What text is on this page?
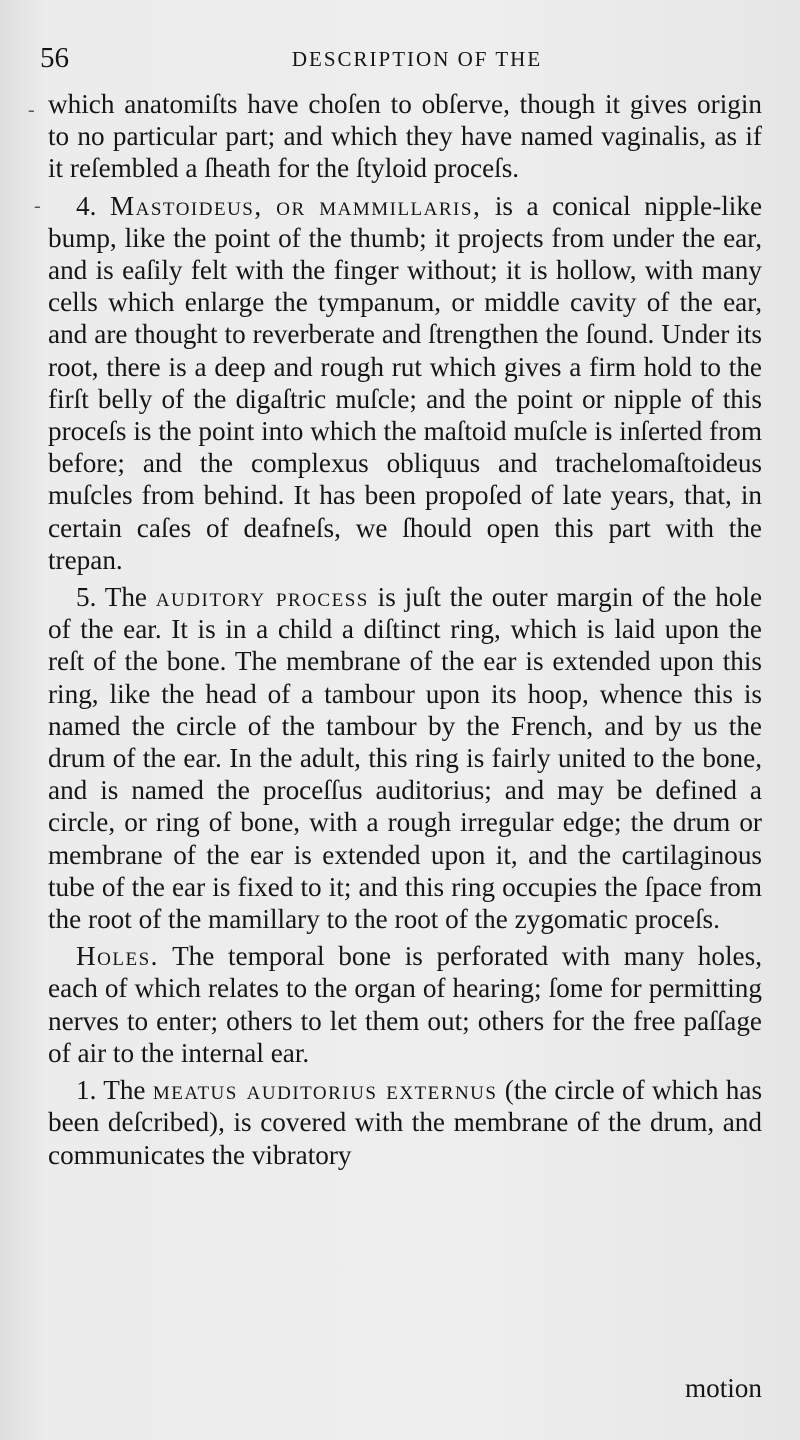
56	DESCRIPTION OF THE
-
-

which anatomiſts have choſen to obſerve, though it gives origin to no particular part; and which they have named vaginalis, as if it reſembled a ſheath for the ſtyloid proceſs.

4. Mastoideus, or mammillaris, is a conical nipple-like bump, like the point of the thumb; it projects from under the ear, and is eaſily felt with the finger without; it is hollow, with many cells which enlarge the tympanum, or middle cavity of the ear, and are thought to reverberate and ſtrengthen the ſound. Under its root, there is a deep and rough rut which gives a firm hold to the firſt belly of the digaſtric muſcle; and the point or nipple of this proceſs is the point into which the maſtoid muſcle is inſerted from before; and the complexus obliquus and trachelomaſtoideus muſcles from behind. It has been propoſed of late years, that, in certain caſes of deafneſs, we ſhould open this part with the trepan.

5. The auditory process is juſt the outer margin of the hole of the ear. It is in a child a diſtinct ring, which is laid upon the reſt of the bone. The membrane of the ear is extended upon this ring, like the head of a tambour upon its hoop, whence this is named the circle of the tambour by the French, and by us the drum of the ear. In the adult, this ring is fairly united to the bone, and is named the proceſſus auditorius; and may be defined a circle, or ring of bone, with a rough irregular edge; the drum or membrane of the ear is extended upon it, and the cartilaginous tube of the ear is fixed to it; and this ring occupies the ſpace from the root of the mamillary to the root of the zygomatic proceſs.

Holes. The temporal bone is perforated with many holes, each of which relates to the organ of hearing; ſome for permitting nerves to enter; others to let them out; others for the free paſſage of air to the internal ear.

1. The meatus auditorius externus (the circle of which has been deſcribed), is covered with the membrane of the drum, and communicates the vibratory

motion
